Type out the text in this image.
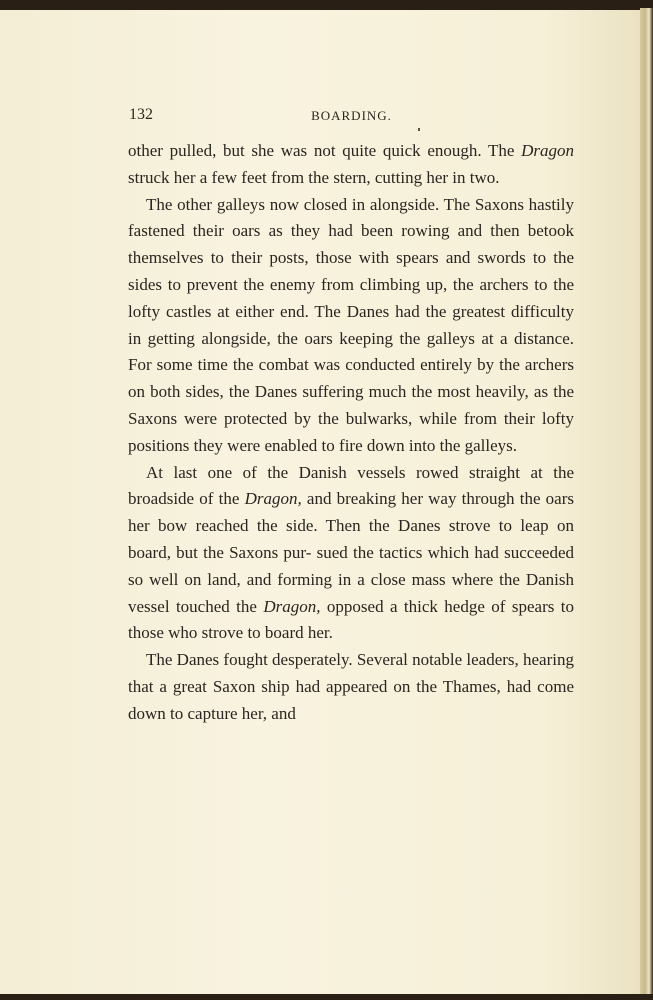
132	BOARDING.

other pulled, but she was not quite quick enough. The Dragon struck her a few feet from the stern, cutting her in two.

The other galleys now closed in alongside. The Saxons hastily fastened their oars as they had been rowing and then betook themselves to their posts, those with spears and swords to the sides to prevent the enemy from climbing up, the archers to the lofty castles at either end. The Danes had the greatest difficulty in getting alongside, the oars keeping the galleys at a distance. For some time the combat was conducted entirely by the archers on both sides, the Danes suffering much the most heavily, as the Saxons were protected by the bulwarks, while from their lofty positions they were enabled to fire down into the galleys.

At last one of the Danish vessels rowed straight at the broadside of the Dragon, and breaking her way through the oars her bow reached the side. Then the Danes strove to leap on board, but the Saxons pur- sued the tactics which had succeeded so well on land, and forming in a close mass where the Danish vessel touched the Dragon, opposed a thick hedge of spears to those who strove to board her.

The Danes fought desperately. Several notable leaders, hearing that a great Saxon ship had appeared on the Thames, had come down to capture her, and
